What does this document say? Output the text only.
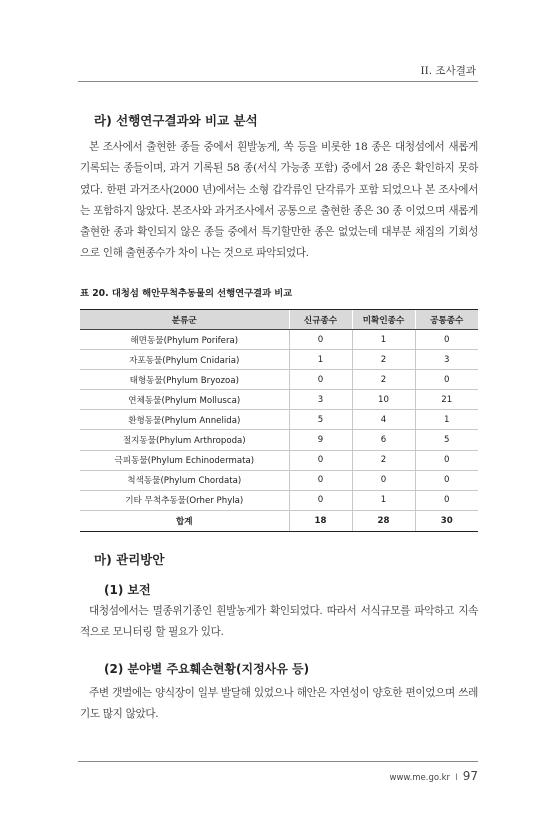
II. 조사결과
라) 선행연구결과와 비교 분석
본 조사에서 출현한 종들 중에서 흰발농게, 쏙 등을 비롯한 18 종은 대청섬에서 새롭게 기록되는 종들이며, 과거 기록된 58 종(서식 가능종 포함) 중에서 28 종은 확인하지 못하였다. 한편 과거조사(2000 년)에서는 소형 갑각류인 단각류가 포함 되었으나 본 조사에서는 포함하지 않았다. 본조사와 과거조사에서 공통으로 출현한 종은 30 종 이었으며 새롭게 출현한 종과 확인되지 않은 종들 중에서 특기할만한 종은 없었는데 대부분 채집의 기회성으로 인해 출현종수가 차이 나는 것으로 파악되었다.
표 20. 대청섬 해안무척추동물의 선행연구결과 비교
분류군	신규종수	미확인종수	공통종수
해면동물(Phylum Porifera)	0	1	0
자포동물(Phylum Cnidaria)	1	2	3
태형동물(Phylum Bryozoa)	0	2	0
연체동물(Phylum Mollusca)	3	10	21
환형동물(Phylum Annelida)	5	4	1
절지동물(Phylum Arthropoda)	9	6	5
극피동물(Phylum Echinodermata)	0	2	0
척색동물(Phylum Chordata)	0	0	0
기타 무척추동물(Orher Phyla)	0	1	0
합계	18	28	30
마) 관리방안
(1) 보전
대청섬에서는 멸종위기종인 흰발농게가 확인되었다. 따라서 서식규모를 파악하고 지속적으로 모니터링 할 필요가 있다.
(2) 분야별 주요훼손현황(지정사유 등)
주변 갯벌에는 양식장이 일부 발달해 있었으나 해안은 자연성이 양호한 편이었으며 쓰레기도 많지 않았다.
www.me.go.kr I 97
